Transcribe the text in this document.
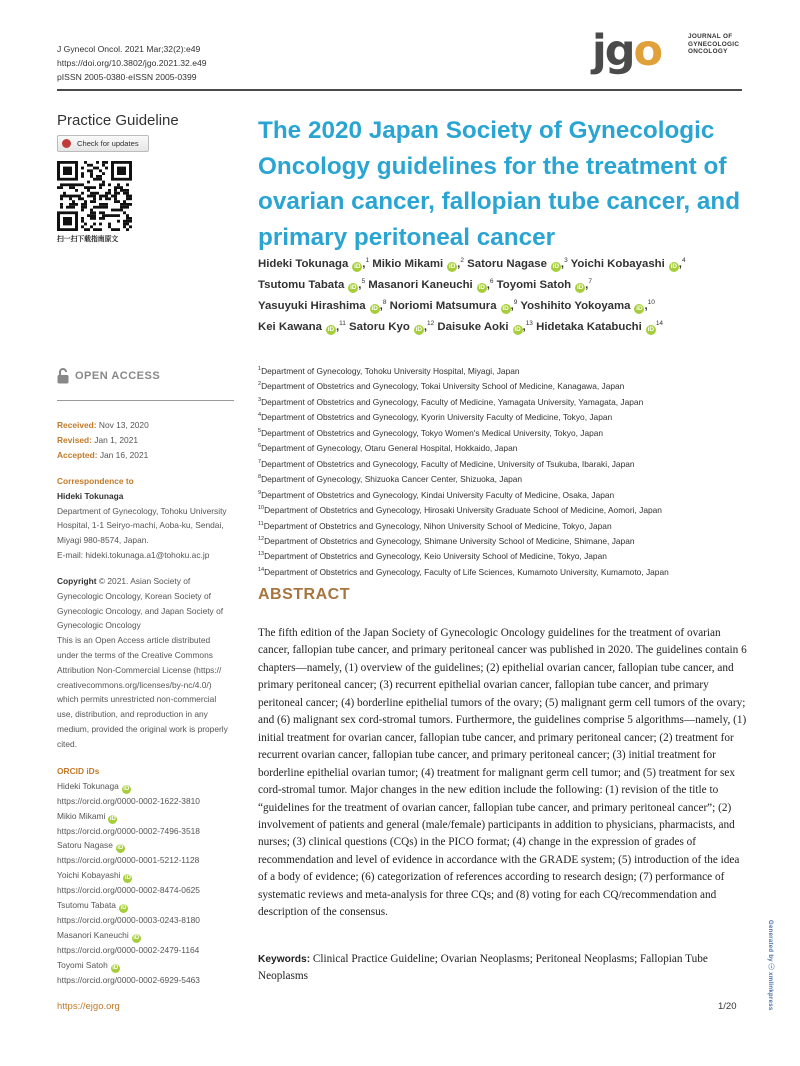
J Gynecol Oncol. 2021 Mar;32(2):e49
https://doi.org/10.3802/jgo.2021.32.e49
pISSN 2005-0380·eISSN 2005-0399
jgo	JOURNAL OF
GYNECOLOGIC
ONCOLOGY
Practice Guideline
Check for updates
扫一扫下载指南原文
OPEN ACCESS
Received: Nov 13, 2020
Revised: Jan 1, 2021
Accepted: Jan 16, 2021
Correspondence to
Hideki Tokunaga
Department of Gynecology, Tohoku University
Hospital, 1-1 Seiryo-machi, Aoba-ku, Sendai,
Miyagi 980-8574, Japan.
E-mail: hideki.tokunaga.a1@tohoku.ac.jp
Copyright © 2021. Asian Society of
Gynecologic Oncology, Korean Society of
Gynecologic Oncology, and Japan Society of
Gynecologic Oncology
This is an Open Access article distributed
under the terms of the Creative Commons
Attribution Non-Commercial License (https://
creativecommons.org/licenses/by-nc/4.0/)
which permits unrestricted non-commercial
use, distribution, and reproduction in any
medium, provided the original work is properly
cited.
ORCID iDs
Hideki Tokunaga iD
https://orcid.org/0000-0002-1622-3810
Mikio Mikami iD
https://orcid.org/0000-0002-7496-3518
Satoru Nagase iD
https://orcid.org/0000-0001-5212-1128
Yoichi Kobayashi iD
https://orcid.org/0000-0002-8474-0625
Tsutomu Tabata iD
https://orcid.org/0000-0003-0243-8180
Masanori Kaneuchi iD
https://orcid.org/0000-0002-2479-1164
Toyomi Satoh iD
https://orcid.org/0000-0002-6929-5463
The 2020 Japan Society of Gynecologic Oncology guidelines for the treatment of ovarian cancer, fallopian tube cancer, and primary peritoneal cancer
Hideki Tokunaga iD ,$^1$ Mikio Mikami iD ,$^2$ Satoru Nagase iD ,$^3$ Yoichi Kobayashi iD ,$^4$
Tsutomu Tabata iD ,$^5$ Masanori Kaneuchi iD ,$^6$ Toyomi Satoh iD ,$^7$
Yasuyuki Hirashima iD ,$^8$ Noriomi Matsumura iD ,$^9$ Yoshihito Yokoyama iD ,$^{10}$
Kei Kawana iD ,$^{11}$ Satoru Kyo iD ,$^{12}$ Daisuke Aoki iD ,$^{13}$ Hidetaka Katabuchi $iD^{14}$
$^1$Department of Gynecology, Tohoku University Hospital, Miyagi, Japan
$^2$Department of Obstetrics and Gynecology, Tokai University School of Medicine, Kanagawa, Japan
$^3$Department of Obstetrics and Gynecology, Faculty of Medicine, Yamagata University, Yamagata, Japan
$^4$Department of Obstetrics and Gynecology, Kyorin University Faculty of Medicine, Tokyo, Japan
$^5$Department of Obstetrics and Gynecology, Tokyo Women's Medical University, Tokyo, Japan
$^6$Department of Gynecology, Otaru General Hospital, Hokkaido, Japan
$^7$Department of Obstetrics and Gynecology, Faculty of Medicine, University of Tsukuba, Ibaraki, Japan
$^8$Department of Gynecology, Shizuoka Cancer Center, Shizuoka, Japan
$^9$Department of Obstetrics and Gynecology, Kindai University Faculty of Medicine, Osaka, Japan
$^{10}$Department of Obstetrics and Gynecology, Hirosaki University Graduate School of Medicine, Aomori, Japan
$^{11}$Department of Obstetrics and Gynecology, Nihon University School of Medicine, Tokyo, Japan
$^{12}$Department of Obstetrics and Gynecology, Shimane University School of Medicine, Shimane, Japan
$^{13}$Department of Obstetrics and Gynecology, Keio University School of Medicine, Tokyo, Japan
$^{14}$Department of Obstetrics and Gynecology, Faculty of Life Sciences, Kumamoto University, Kumamoto, Japan
ABSTRACT
The fifth edition of the Japan Society of Gynecologic Oncology guidelines for the treatment of ovarian cancer, fallopian tube cancer, and primary peritoneal cancer was published in 2020. The guidelines contain 6 chapters—namely, (1) overview of the guidelines; (2) epithelial ovarian cancer, fallopian tube cancer, and primary peritoneal cancer; (3) recurrent epithelial ovarian cancer, fallopian tube cancer, and primary peritoneal cancer; (4) borderline epithelial tumors of the ovary; (5) malignant germ cell tumors of the ovary; and (6) malignant sex cord-stromal tumors. Furthermore, the guidelines comprise 5 algorithms—namely, (1) initial treatment for ovarian cancer, fallopian tube cancer, and primary peritoneal cancer; (2) treatment for recurrent ovarian cancer, fallopian tube cancer, and primary peritoneal cancer; (3) initial treatment for borderline epithelial ovarian tumor; (4) treatment for malignant germ cell tumor; and (5) treatment for sex cord-stromal tumor. Major changes in the new edition include the following: (1) revision of the title to “guidelines for the treatment of ovarian cancer, fallopian tube cancer, and primary peritoneal cancer”; (2) involvement of patients and general (male/female) participants in addition to physicians, pharmacists, and nurses; (3) clinical questions (CQs) in the PICO format; (4) change in the expression of grades of recommendation and level of evidence in accordance with the GRADE system; (5) introduction of the idea of a body of evidence; (6) categorization of references according to research design; (7) performance of systematic reviews and meta-analysis for three CQs; and (8) voting for each CQ/recommendation and description of the consensus.
Keywords: Clinical Practice Guideline; Ovarian Neoplasms; Peritoneal Neoplasms; Fallopian Tube Neoplasms
https://ejgo.org	1/20	Generated by ⓘ xmlinkpress
